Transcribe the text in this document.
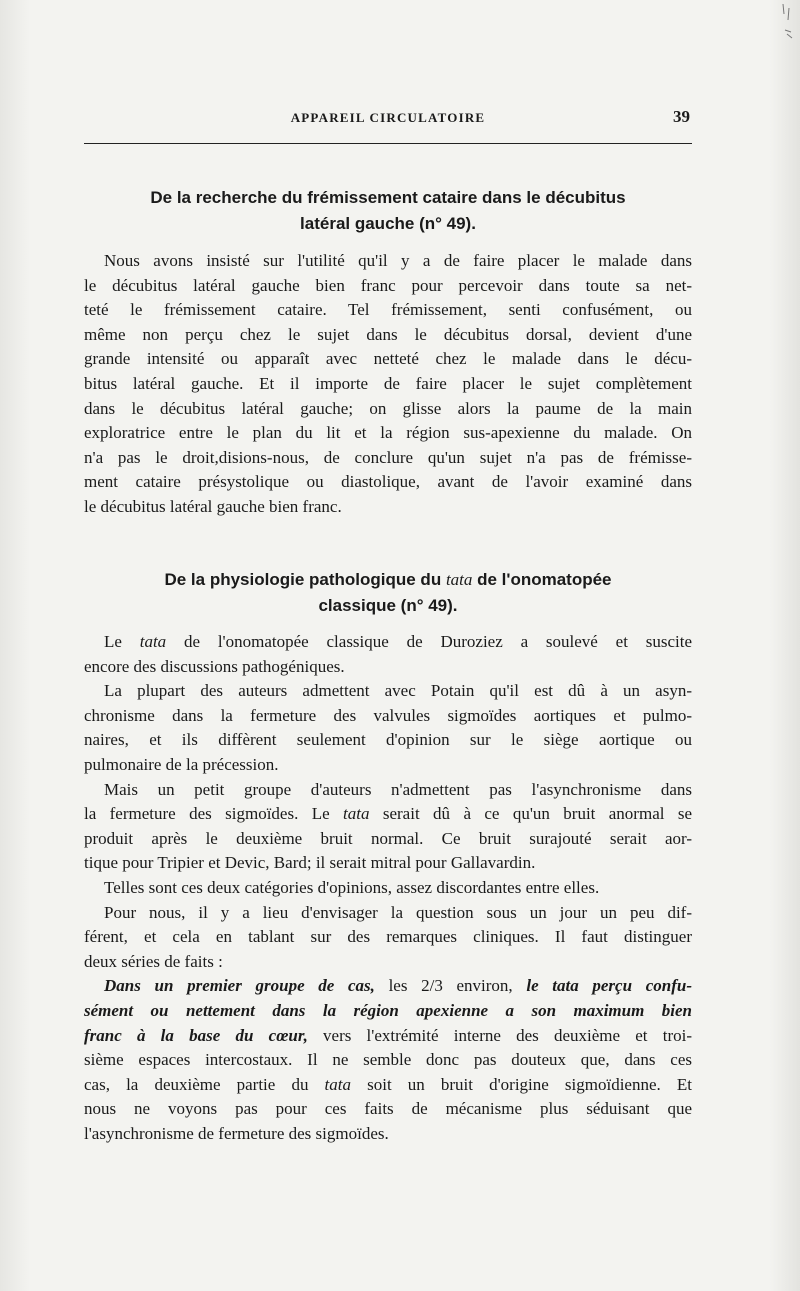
APPAREIL CIRCULATOIRE	39
De la recherche du frémissement cataire dans le décubitus
latéral gauche (n° 49).
Nous avons insisté sur l'utilité qu'il y a de faire placer le malade dans
le décubitus latéral gauche bien franc pour percevoir dans toute sa net-
teté le frémissement cataire. Tel frémissement, senti confusément, ou
même non perçu chez le sujet dans le décubitus dorsal, devient d'une
grande intensité ou apparaît avec netteté chez le malade dans le décu-
bitus latéral gauche. Et il importe de faire placer le sujet complètement
dans le décubitus latéral gauche; on glisse alors la paume de la main
exploratrice entre le plan du lit et la région sus-apexienne du malade. On
n'a pas le droit,disions-nous, de conclure qu'un sujet n'a pas de frémisse-
ment cataire présystolique ou diastolique, avant de l'avoir examiné dans
le décubitus latéral gauche bien franc.
De la physiologie pathologique du tata de l'onomatopée
classique (n° 49).
Le tata de l'onomatopée classique de Duroziez a soulevé et suscite
encore des discussions pathogéniques.
La plupart des auteurs admettent avec Potain qu'il est dû à un asyn-
chronisme dans la fermeture des valvules sigmoïdes aortiques et pulmo-
naires, et ils diffèrent seulement d'opinion sur le siège aortique ou
pulmonaire de la précession.
Mais un petit groupe d'auteurs n'admettent pas l'asynchronisme dans
la fermeture des sigmoïdes. Le tata serait dû à ce qu'un bruit anormal se
produit après le deuxième bruit normal. Ce bruit surajouté serait aor-
tique pour Tripier et Devic, Bard; il serait mitral pour Gallavardin.
Telles sont ces deux catégories d'opinions, assez discordantes entre elles.
Pour nous, il y a lieu d'envisager la question sous un jour un peu dif-
férent, et cela en tablant sur des remarques cliniques. Il faut distinguer
deux séries de faits :
Dans un premier groupe de cas, les 2/3 environ, le tata perçu confu-
sément ou nettement dans la région apexienne a son maximum bien
franc à la base du cœur, vers l'extrémité interne des deuxième et troi-
sième espaces intercostaux. Il ne semble donc pas douteux que, dans ces
cas, la deuxième partie du tata soit un bruit d'origine sigmoïdienne. Et
nous ne voyons pas pour ces faits de mécanisme plus séduisant que
l'asynchronisme de fermeture des sigmoïdes.
